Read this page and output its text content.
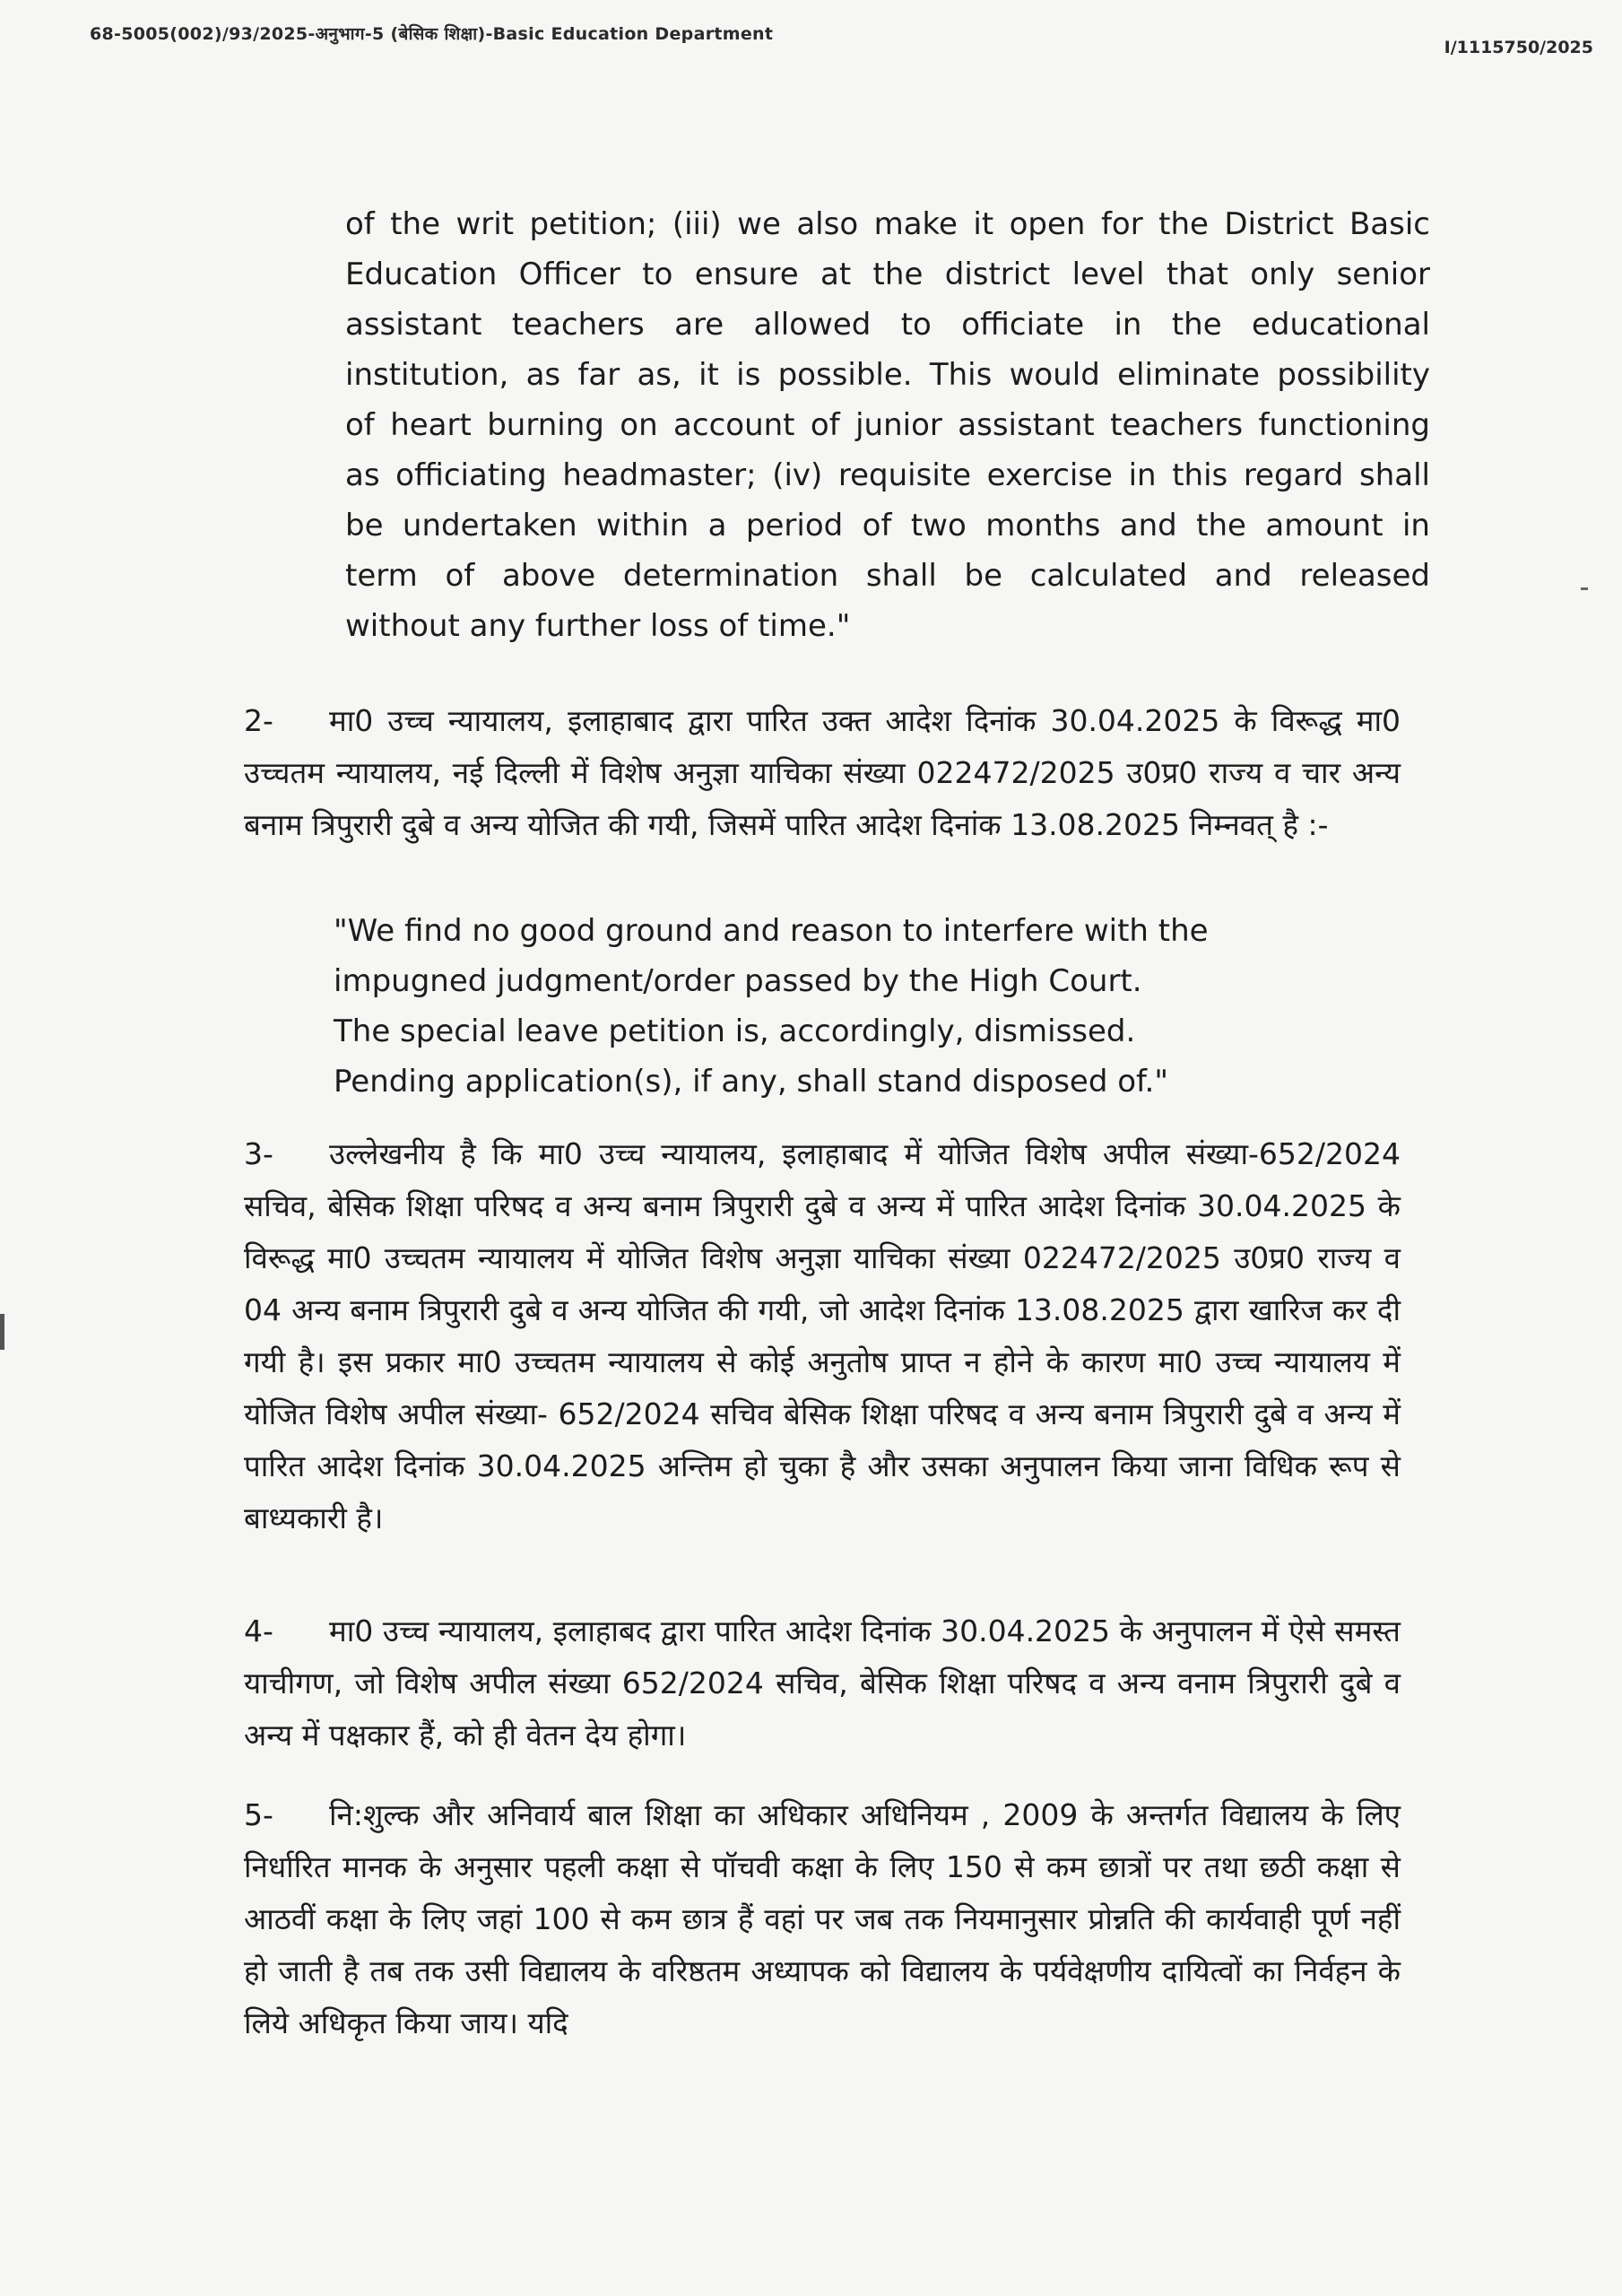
68-5005(002)/93/2025-अनुभाग-5 (बेसिक शिक्षा)-Basic Education Department
I/1115750/2025
of the writ petition; (iii) we also make it open for the District Basic
Education Officer to ensure at the district level that only senior
assistant teachers are allowed to officiate in the educational
institution, as far as, it is possible. This would eliminate possibility
of heart burning on account of junior assistant teachers functioning
as officiating headmaster; (iv) requisite exercise in this regard shall
be undertaken within a period of two months and the amount in
term of above determination shall be calculated and released
without any further loss of time."
2- मा0 उच्च न्यायालय, इलाहाबाद द्वारा पारित उक्त आदेश दिनांक 30.04.2025 के विरूद्ध मा0 उच्चतम न्यायालय, नई दिल्ली में विशेष अनुज्ञा याचिका संख्या 022472/2025 उ0प्र0 राज्य व चार अन्य बनाम त्रिपुरारी दुबे व अन्य योजित की गयी, जिसमें पारित आदेश दिनांक 13.08.2025 निम्नवत् है :-
"We find no good ground and reason to interfere with the
impugned judgment/order passed by the High Court.
The special leave petition is, accordingly, dismissed.
Pending application(s), if any, shall stand disposed of."
3- उल्लेखनीय है कि मा0 उच्च न्यायालय, इलाहाबाद में योजित विशेष अपील संख्या-652/2024 सचिव, बेसिक शिक्षा परिषद व अन्य बनाम त्रिपुरारी दुबे व अन्य में पारित आदेश दिनांक 30.04.2025 के विरूद्ध मा0 उच्चतम न्यायालय में योजित विशेष अनुज्ञा याचिका संख्या 022472/2025 उ0प्र0 राज्य व 04 अन्य बनाम त्रिपुरारी दुबे व अन्य योजित की गयी, जो आदेश दिनांक 13.08.2025 द्वारा खारिज कर दी गयी है। इस प्रकार मा0 उच्चतम न्यायालय से कोई अनुतोष प्राप्त न होने के कारण मा0 उच्च न्यायालय में योजित विशेष अपील संख्या- 652/2024 सचिव बेसिक शिक्षा परिषद व अन्य बनाम त्रिपुरारी दुबे व अन्य में पारित आदेश दिनांक 30.04.2025 अन्तिम हो चुका है और उसका अनुपालन किया जाना विधिक रूप से बाध्यकारी है।
4- मा0 उच्च न्यायालय, इलाहाबद द्वारा पारित आदेश दिनांक 30.04.2025 के अनुपालन में ऐसे समस्त याचीगण, जो विशेष अपील संख्या 652/2024 सचिव, बेसिक शिक्षा परिषद व अन्य वनाम त्रिपुरारी दुबे व अन्य में पक्षकार हैं, को ही वेतन देय होगा।
5- नि:शुल्क और अनिवार्य बाल शिक्षा का अधिकार अधिनियम , 2009 के अन्तर्गत विद्यालय के लिए निर्धारित मानक के अनुसार पहली कक्षा से पॉचवी कक्षा के लिए 150 से कम छात्रों पर तथा छठी कक्षा से आठवीं कक्षा के लिए जहां 100 से कम छात्र हैं वहां पर जब तक नियमानुसार प्रोन्नति की कार्यवाही पूर्ण नहीं हो जाती है तब तक उसी विद्यालय के वरिष्ठतम अध्यापक को विद्यालय के पर्यवेक्षणीय दायित्वों का निर्वहन के लिये अधिकृत किया जाय। यदि
